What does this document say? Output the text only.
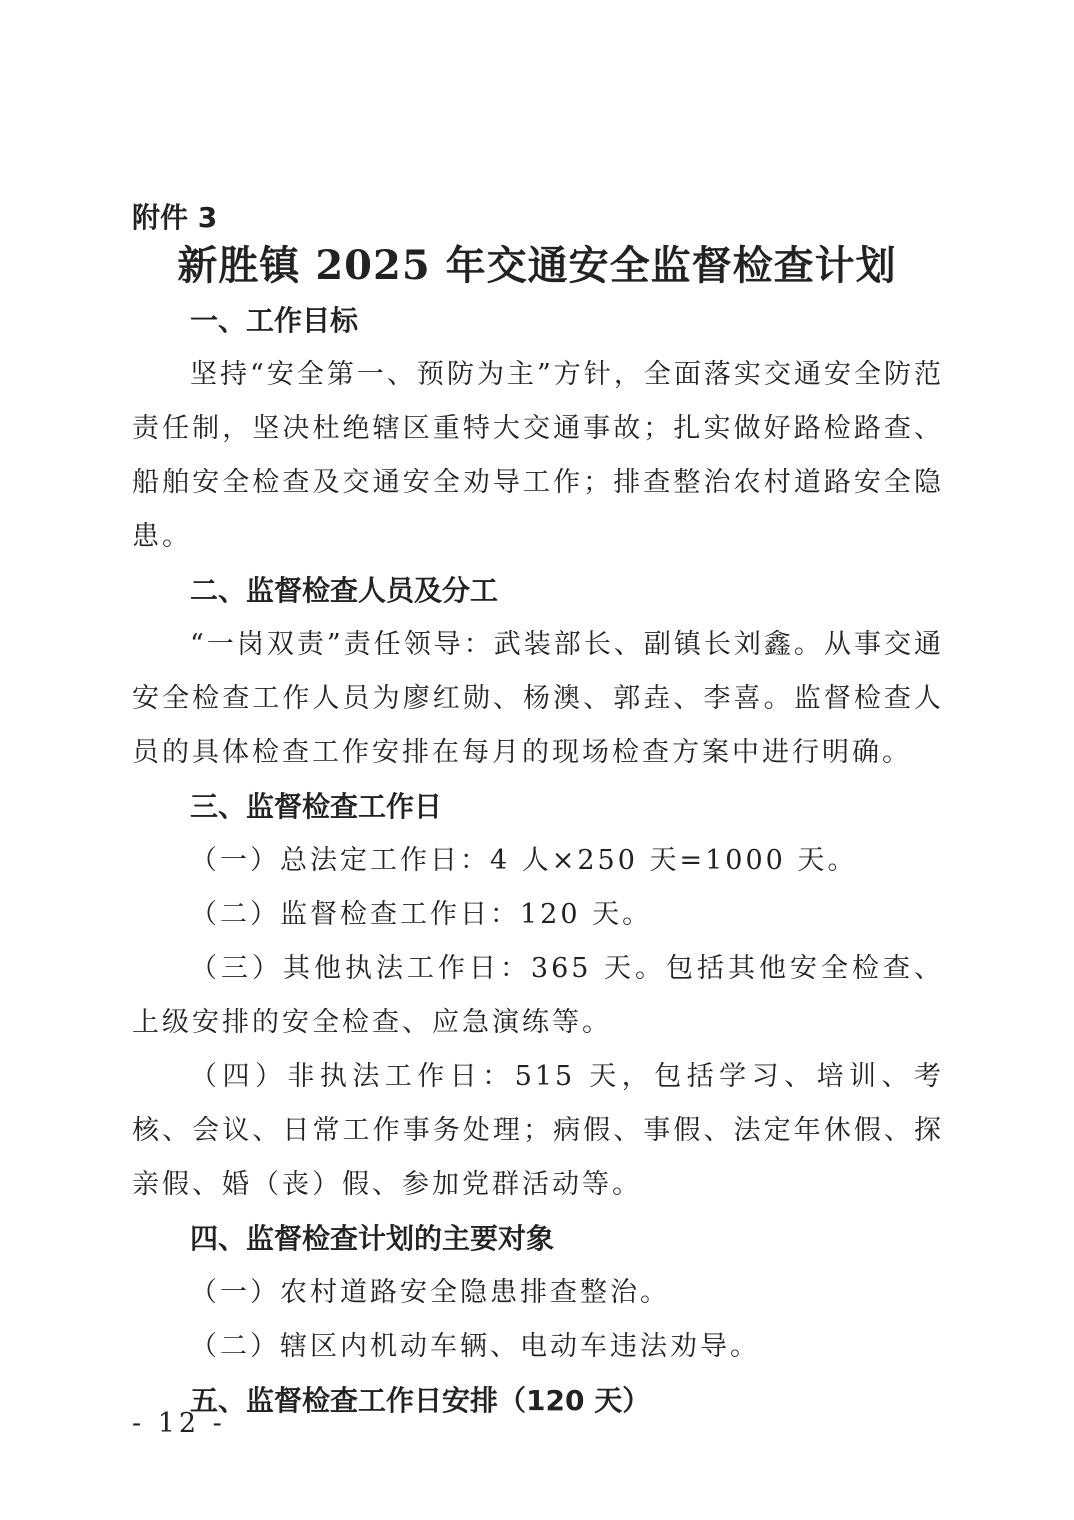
附件 3
新胜镇 2025 年交通安全监督检查计划
一、工作目标

坚持“安全第一、预防为主”方针，全面落实交通安全防范责任制，坚决杜绝辖区重特大交通事故；扎实做好路检路查、船舶安全检查及交通安全劝导工作；排查整治农村道路安全隐患。

二、监督检查人员及分工

“一岗双责”责任领导：武装部长、副镇长刘鑫。从事交通安全检查工作人员为廖红勋、杨澳、郭垚、李喜。监督检查人员的具体检查工作安排在每月的现场检查方案中进行明确。

三、监督检查工作日

（一）总法定工作日：4 人×250 天=1000 天。

（二）监督检查工作日：120 天。

（三）其他执法工作日：365 天。包括其他安全检查、上级安排的安全检查、应急演练等。

（四）非执法工作日：515 天，包括学习、培训、考核、会议、日常工作事务处理；病假、事假、法定年休假、探亲假、婚（丧）假、参加党群活动等。

四、监督检查计划的主要对象

（一）农村道路安全隐患排查整治。

（二）辖区内机动车辆、电动车违法劝导。

五、监督检查工作日安排（120 天）
- 12 -
